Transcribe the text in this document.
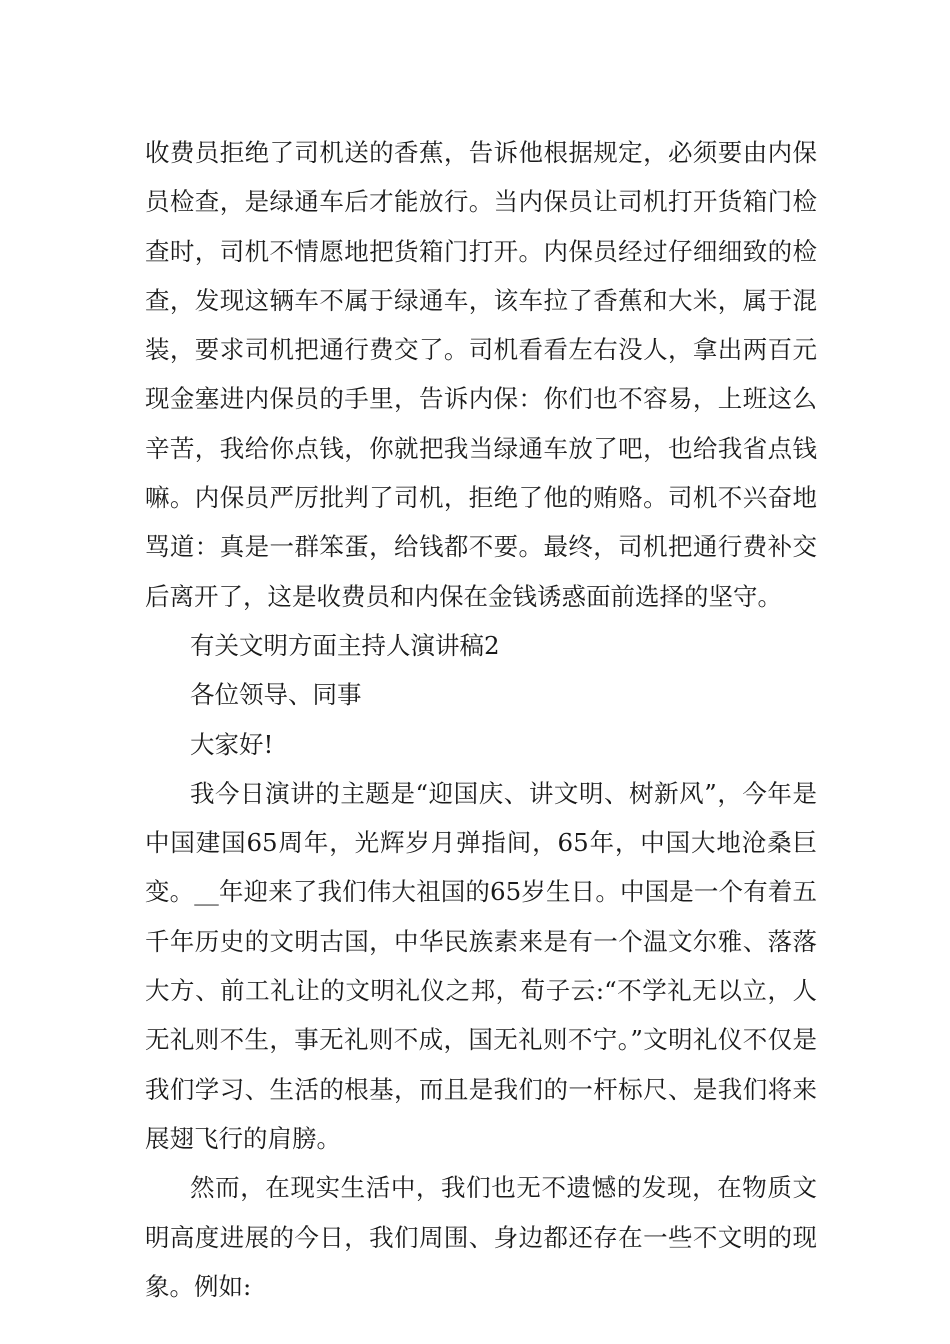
收费员拒绝了司机送的香蕉，告诉他根据规定，必须要由内保员检查，是绿通车后才能放行。当内保员让司机打开货箱门检查时，司机不情愿地把货箱门打开。内保员经过仔细细致的检查，发现这辆车不属于绿通车，该车拉了香蕉和大米，属于混装，要求司机把通行费交了。司机看看左右没人，拿出两百元现金塞进内保员的手里，告诉内保：你们也不容易，上班这么辛苦，我给你点钱，你就把我当绿通车放了吧，也给我省点钱嘛。内保员严厉批判了司机，拒绝了他的贿赂。司机不兴奋地骂道：真是一群笨蛋，给钱都不要。最终，司机把通行费补交后离开了，这是收费员和内保在金钱诱惑面前选择的坚守。

有关文明方面主持人演讲稿2

各位领导、同事

大家好!

我今日演讲的主题是“迎国庆、讲文明、树新风”，今年是中国建国65周年，光辉岁月弹指间，65年，中国大地沧桑巨变。__年迎来了我们伟大祖国的65岁生日。中国是一个有着五千年历史的文明古国，中华民族素来是有一个温文尔雅、落落大方、前工礼让的文明礼仪之邦，荀子云:“不学礼无以立，人无礼则不生，事无礼则不成，国无礼则不宁。”文明礼仪不仅是我们学习、生活的根基，而且是我们的一杆标尺、是我们将来展翅飞行的肩膀。

然而，在现实生活中，我们也无不遗憾的发现，在物质文明高度进展的今日，我们周围、身边都还存在一些不文明的现象。例如:
